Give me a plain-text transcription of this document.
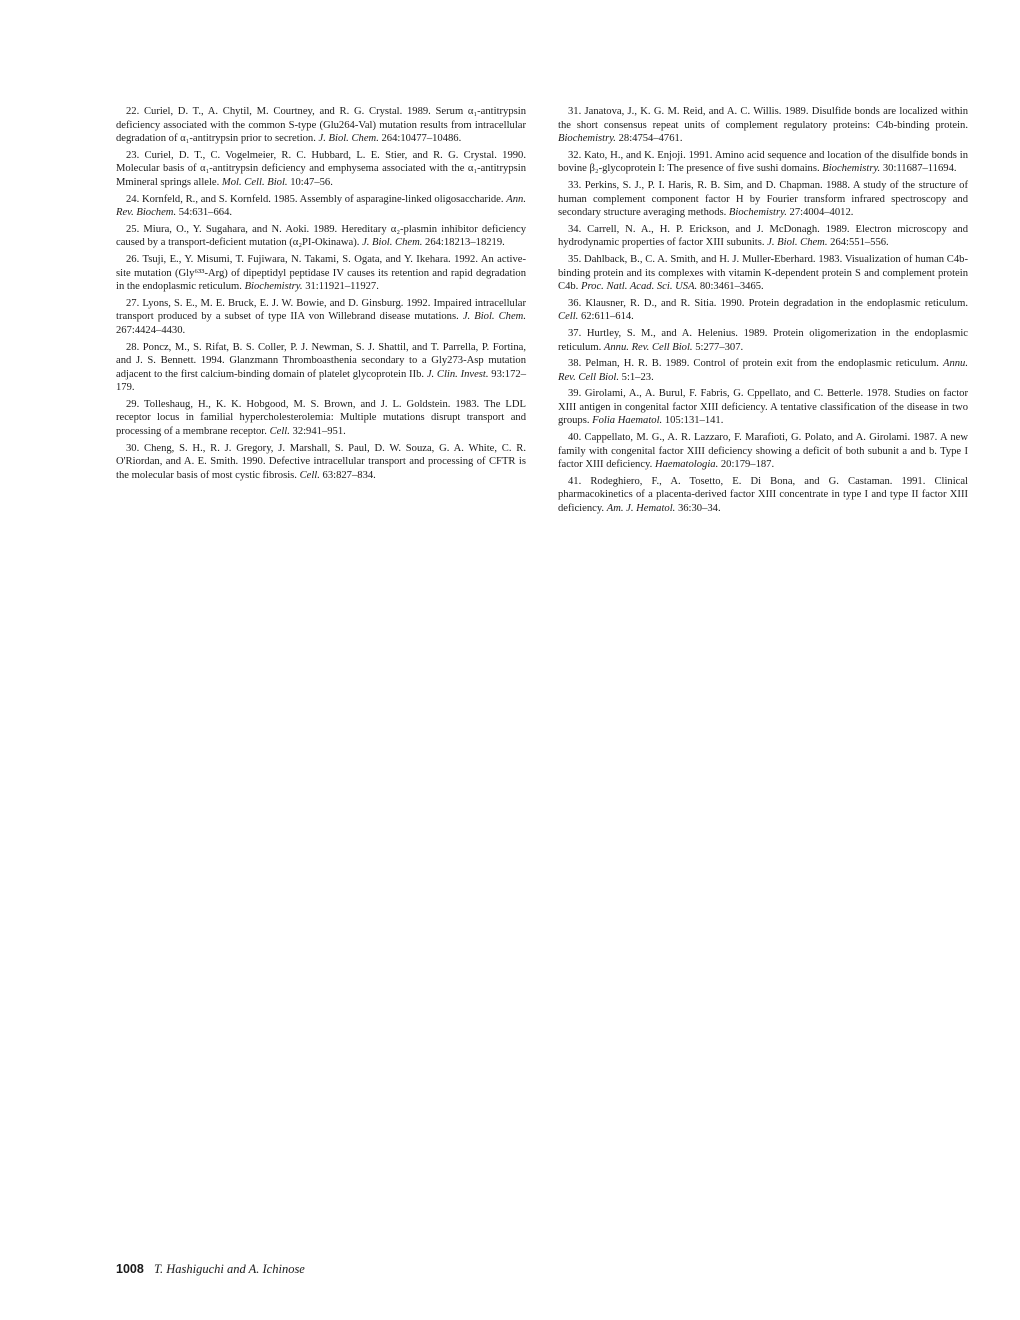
22. Curiel, D. T., A. Chytil, M. Courtney, and R. G. Crystal. 1989. Serum α₁-antitrypsin deficiency associated with the common S-type (Glu264-Val) mutation results from intracellular degradation of α₁-antitrypsin prior to secretion. J. Biol. Chem. 264:10477–10486.

23. Curiel, D. T., C. Vogelmeier, R. C. Hubbard, L. E. Stier, and R. G. Crystal. 1990. Molecular basis of α₁-antitrypsin deficiency and emphysema associated with the α₁-antitrypsin Mmineral springs allele. Mol. Cell. Biol. 10:47–56.

24. Kornfeld, R., and S. Kornfeld. 1985. Assembly of asparagine-linked oligosaccharide. Ann. Rev. Biochem. 54:631–664.

25. Miura, O., Y. Sugahara, and N. Aoki. 1989. Hereditary α₂-plasmin inhibitor deficiency caused by a transport-deficient mutation (α₂PI-Okinawa). J. Biol. Chem. 264:18213–18219.

26. Tsuji, E., Y. Misumi, T. Fujiwara, N. Takami, S. Ogata, and Y. Ikehara. 1992. An active-site mutation (Gly⁶³³-Arg) of dipeptidyl peptidase IV causes its retention and rapid degradation in the endoplasmic reticulum. Biochemistry. 31:11921–11927.

27. Lyons, S. E., M. E. Bruck, E. J. W. Bowie, and D. Ginsburg. 1992. Impaired intracellular transport produced by a subset of type IIA von Willebrand disease mutations. J. Biol. Chem. 267:4424–4430.

28. Poncz, M., S. Rifat, B. S. Coller, P. J. Newman, S. J. Shattil, and T. Parrella, P. Fortina, and J. S. Bennett. 1994. Glanzmann Thromboasthenia secondary to a Gly273-Asp mutation adjacent to the first calcium-binding domain of platelet glycoprotein IIb. J. Clin. Invest. 93:172–179.

29. Tolleshaug, H., K. K. Hobgood, M. S. Brown, and J. L. Goldstein. 1983. The LDL receptor locus in familial hypercholesterolemia: Multiple mutations disrupt transport and processing of a membrane receptor. Cell. 32:941–951.

30. Cheng, S. H., R. J. Gregory, J. Marshall, S. Paul, D. W. Souza, G. A. White, C. R. O'Riordan, and A. E. Smith. 1990. Defective intracellular transport and processing of CFTR is the molecular basis of most cystic fibrosis. Cell. 63:827–834.

31. Janatova, J., K. G. M. Reid, and A. C. Willis. 1989. Disulfide bonds are localized within the short consensus repeat units of complement regulatory proteins: C4b-binding protein. Biochemistry. 28:4754–4761.

32. Kato, H., and K. Enjoji. 1991. Amino acid sequence and location of the disulfide bonds in bovine β₂-glycoprotein I: The presence of five sushi domains. Biochemistry. 30:11687–11694.

33. Perkins, S. J., P. I. Haris, R. B. Sim, and D. Chapman. 1988. A study of the structure of human complement component factor H by Fourier transform infrared spectroscopy and secondary structure averaging methods. Biochemistry. 27:4004–4012.

34. Carrell, N. A., H. P. Erickson, and J. McDonagh. 1989. Electron microscopy and hydrodynamic properties of factor XIII subunits. J. Biol. Chem. 264:551–556.

35. Dahlback, B., C. A. Smith, and H. J. Muller-Eberhard. 1983. Visualization of human C4b-binding protein and its complexes with vitamin K-dependent protein S and complement protein C4b. Proc. Natl. Acad. Sci. USA. 80:3461–3465.

36. Klausner, R. D., and R. Sitia. 1990. Protein degradation in the endoplasmic reticulum. Cell. 62:611–614.

37. Hurtley, S. M., and A. Helenius. 1989. Protein oligomerization in the endoplasmic reticulum. Annu. Rev. Cell Biol. 5:277–307.

38. Pelman, H. R. B. 1989. Control of protein exit from the endoplasmic reticulum. Annu. Rev. Cell Biol. 5:1–23.

39. Girolami, A., A. Burul, F. Fabris, G. Cppellato, and C. Betterle. 1978. Studies on factor XIII antigen in congenital factor XIII deficiency. A tentative classification of the disease in two groups. Folia Haematol. 105:131–141.

40. Cappellato, M. G., A. R. Lazzaro, F. Marafioti, G. Polato, and A. Girolami. 1987. A new family with congenital factor XIII deficiency showing a deficit of both subunit a and b. Type I factor XIII deficiency. Haematologia. 20:179–187.

41. Rodeghiero, F., A. Tosetto, E. Di Bona, and G. Castaman. 1991. Clinical pharmacokinetics of a placenta-derived factor XIII concentrate in type I and type II factor XIII deficiency. Am. J. Hematol. 36:30–34.

1008 T. Hashiguchi and A. Ichinose
